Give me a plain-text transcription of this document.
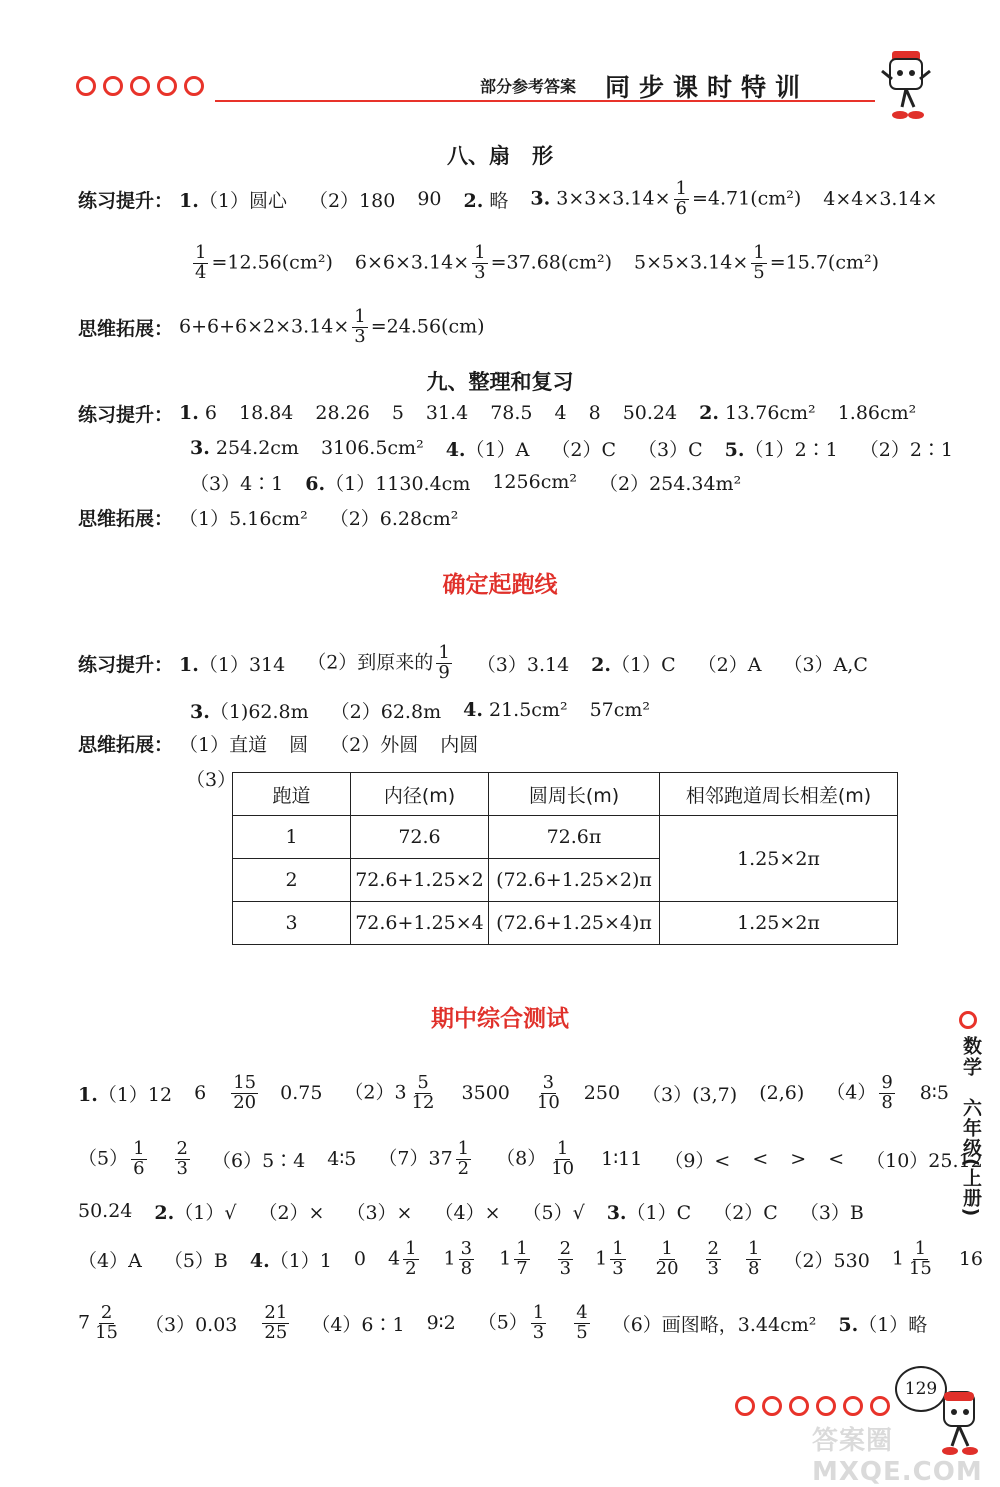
部分参考答案 同步课时特训
数学
六年级(上册)
八、扇   形
练习提升： 1.（1）圆心 （2）180 90 2. 略 3. $3\times 3\times 3.14\times \frac{1}{6} =4.71(cm^2)$ 4×4×3.14×
$\frac{1}{4} =12.56(cm^2)$ $6\times 6\times 3.14\times \frac{1}{3} =37.68(cm^2)$ $5\times 5\times 3.14\times \frac{1}{5} =15.7(cm^2)$
思维拓展： $6+6+6\times 2\times 3.14\times \frac{1}{3} =24.56(cm)$
九、整理和复习
练习提升： 1. 6 18.84 28.26 5 31.4 78.5 4 8 50.24 2. 13.76cm² 1.86cm²
3. 254.2cm 3106.5cm² 4.（1）A （2）C （3）C 5.（1）2∶1 （2）2∶1
（3）4∶1 6.（1）1130.4cm 1256cm² （2）254.34m²
思维拓展： （1）5.16cm² （2）6.28cm²
确定起跑线
练习提升： 1.（1）314 （2）到原来的 $\frac{1}{9} (3)3.14$ 2.（1）C （2）A （3）A,C
3.（1)62.8m （2）62.8m 4. 21.5cm² 57cm²
思维拓展： （1）直道 圆 （2）外圆 内圆
（3）
跑道	内径(m)	圆周长(m)	相邻跑道周长相差(m)
1	72.6	72.6π	1.25×2π
2	72.6+1.25×2	(72.6+1.25×2)π	
3	72.6+1.25×4	(72.6+1.25×4)π	1.25×2π
期中综合测试
1.（1）12 $6 \frac{15}{20} 0.75$ $(2)3 \frac{5}{12} 3500 \frac{3}{10} 250$ （3）(3,7) (2,6) $(4) \frac{9}{8}$ 8∶5
$(5) \frac{1}{6} \frac{2}{3}$ （6）5∶4 4∶5 $(7)37 \frac{1}{2} (8) \frac{1}{10}$ 1∶11 （9）< < > < （10）25.12
50.24 2.（1）√ （2）× （3）× （4）× （5）√ 3.（1）C （2）C （3）B
（4）A （5）B 4.（1）1 0 $4 \frac{1}{2} 1 \frac{3}{8} 1 \frac{1}{7} \frac{2}{3} 1 \frac{1}{3} \frac{1}{20} \frac{2}{3} \frac{1}{8} (2)530$ $1 \frac{1}{15} 16$
$7 \frac{2}{15} (3)0.03 \frac{21}{25}$ （4）6∶1 9∶2 $(5) \frac{1}{3} \frac{4}{5} (6)$画图略，3.44cm² 5.（1）略
129
答案圈 MXQE.COM
